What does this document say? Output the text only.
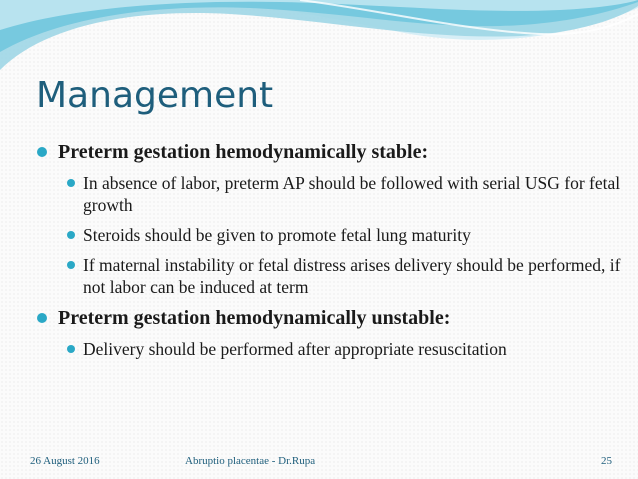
Management
Preterm gestation hemodynamically stable:
In absence of labor, preterm AP should be followed with serial USG for fetal growth
Steroids should be given to promote fetal lung maturity
If maternal instability or fetal distress arises delivery should be performed, if not labor can be induced at term
Preterm gestation hemodynamically unstable:
Delivery should be performed after appropriate resuscitation
26 August 2016	Abruptio placentae - Dr.Rupa	25
